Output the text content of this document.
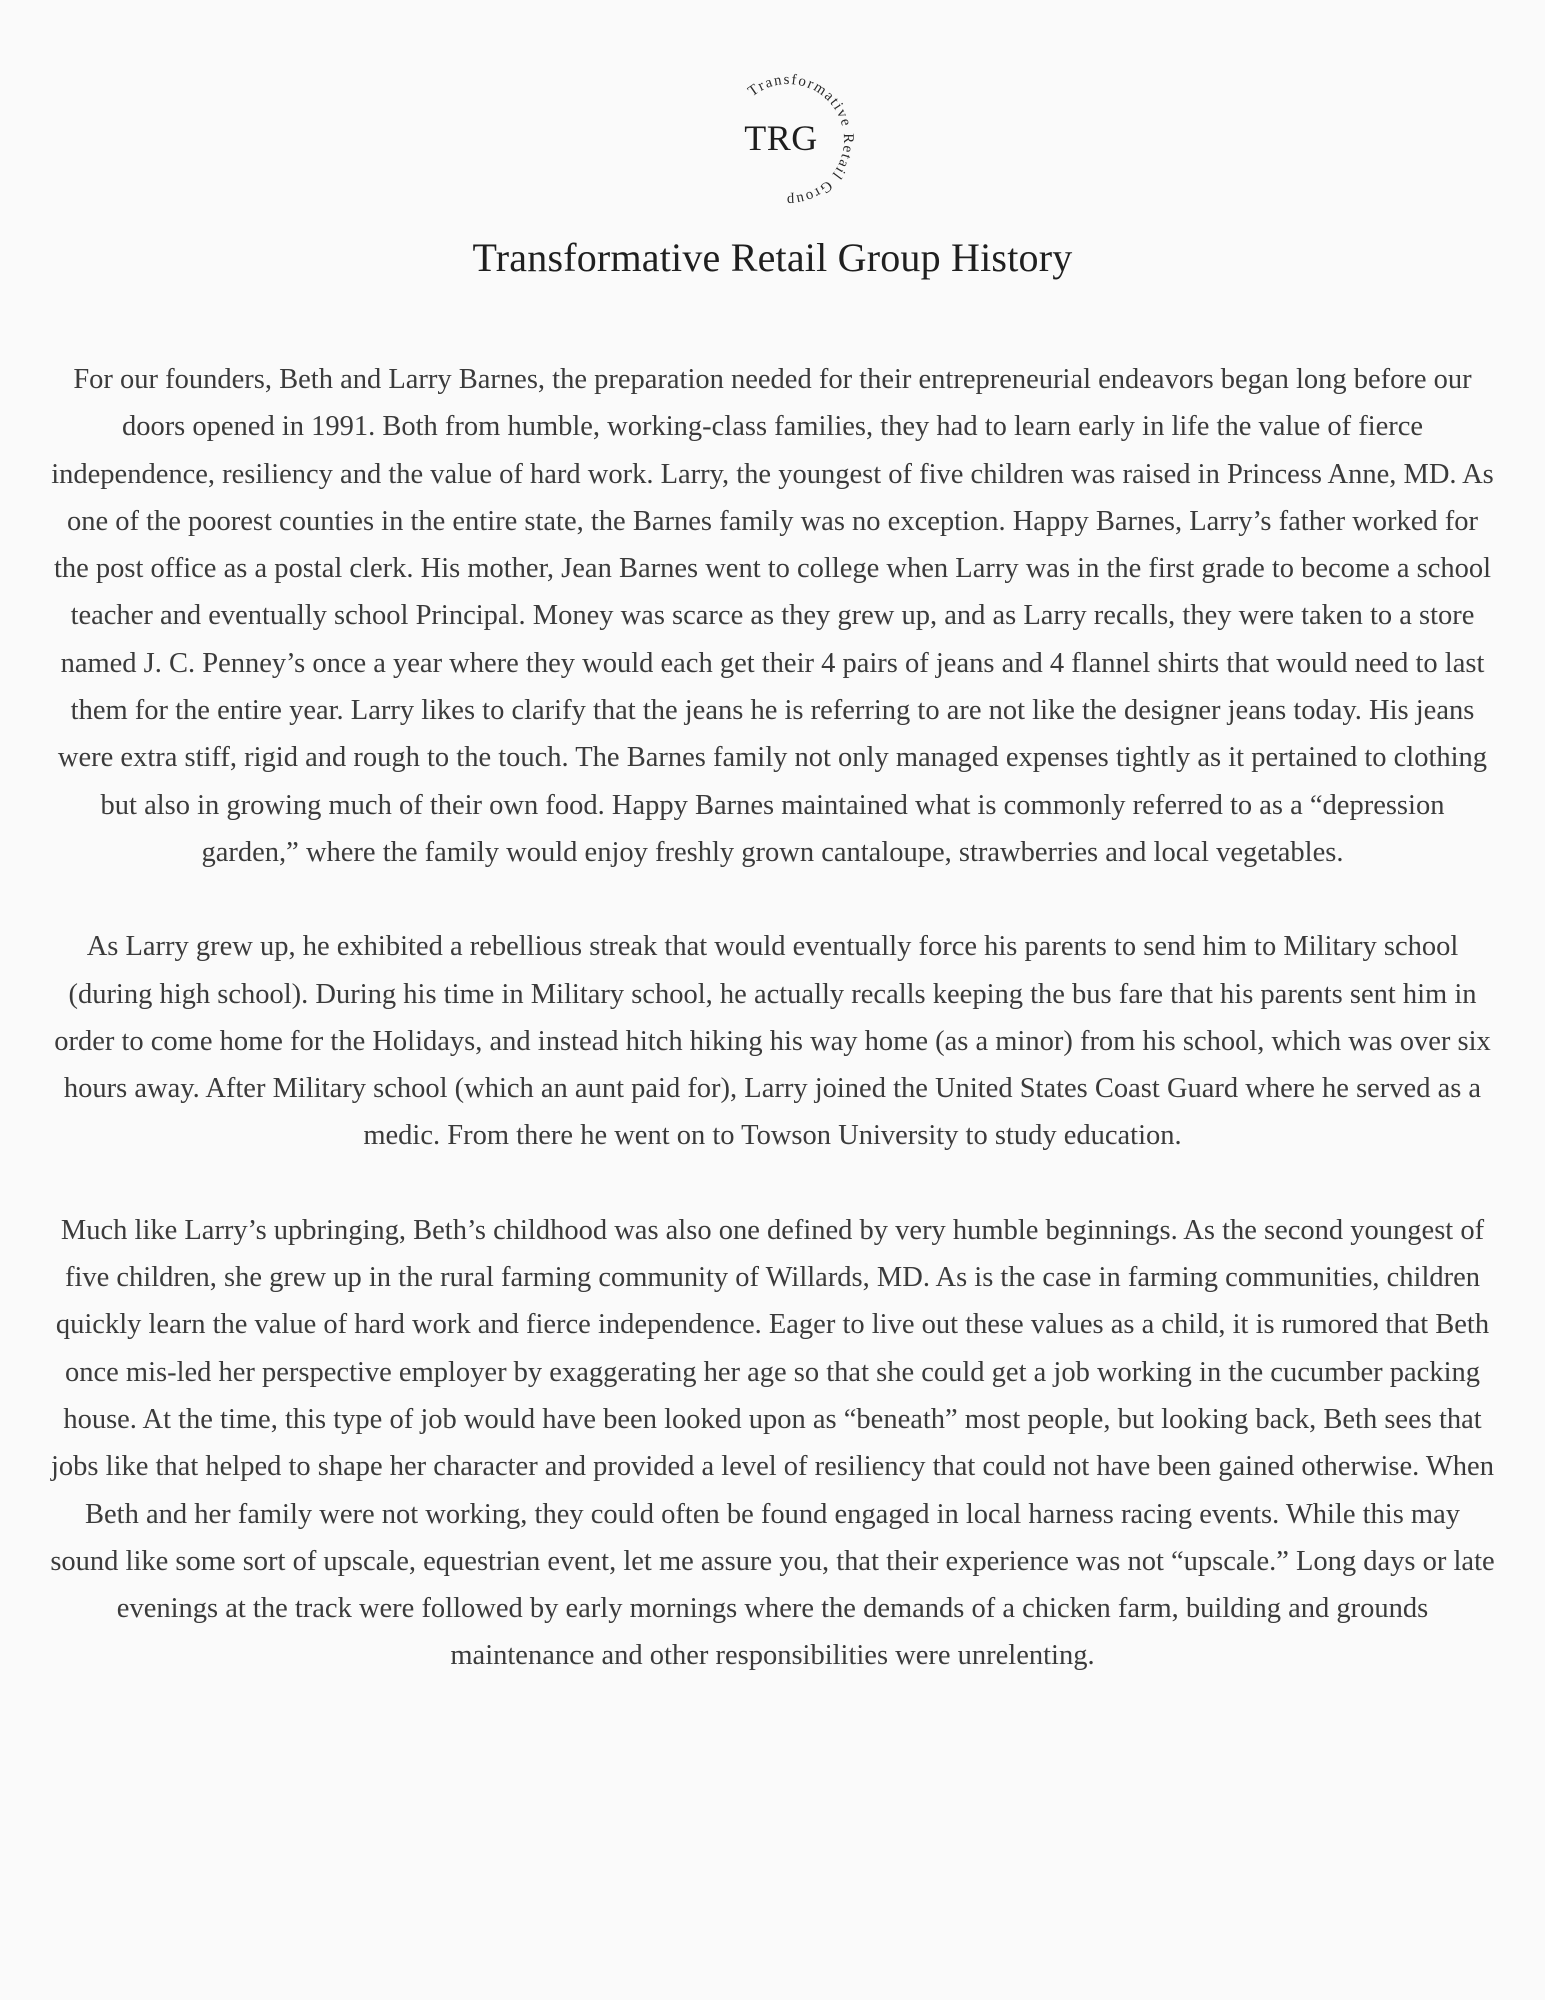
TRG
Transformative Retail Group
Transformative Retail Group History

For our founders, Beth and Larry Barnes, the preparation needed for their entrepreneurial endeavors began long before our doors opened in 1991. Both from humble, working-class families, they had to learn early in life the value of fierce independence, resiliency and the value of hard work. Larry, the youngest of five children was raised in Princess Anne, MD. As one of the poorest counties in the entire state, the Barnes family was no exception. Happy Barnes, Larry’s father worked for the post office as a postal clerk. His mother, Jean Barnes went to college when Larry was in the first grade to become a school teacher and eventually school Principal. Money was scarce as they grew up, and as Larry recalls, they were taken to a store named J. C. Penney’s once a year where they would each get their 4 pairs of jeans and 4 flannel shirts that would need to last them for the entire year. Larry likes to clarify that the jeans he is referring to are not like the designer jeans today. His jeans were extra stiff, rigid and rough to the touch. The Barnes family not only managed expenses tightly as it pertained to clothing but also in growing much of their own food. Happy Barnes maintained what is commonly referred to as a “depression garden,” where the family would enjoy freshly grown cantaloupe, strawberries and local vegetables.

As Larry grew up, he exhibited a rebellious streak that would eventually force his parents to send him to Military school (during high school). During his time in Military school, he actually recalls keeping the bus fare that his parents sent him in order to come home for the Holidays, and instead hitch hiking his way home (as a minor) from his school, which was over six hours away. After Military school (which an aunt paid for), Larry joined the United States Coast Guard where he served as a medic. From there he went on to Towson University to study education.

Much like Larry’s upbringing, Beth’s childhood was also one defined by very humble beginnings. As the second youngest of five children, she grew up in the rural farming community of Willards, MD. As is the case in farming communities, children quickly learn the value of hard work and fierce independence. Eager to live out these values as a child, it is rumored that Beth once mis-led her perspective employer by exaggerating her age so that she could get a job working in the cucumber packing house. At the time, this type of job would have been looked upon as “beneath” most people, but looking back, Beth sees that jobs like that helped to shape her character and provided a level of resiliency that could not have been gained otherwise. When Beth and her family were not working, they could often be found engaged in local harness racing events. While this may sound like some sort of upscale, equestrian event, let me assure you, that their experience was not “upscale.” Long days or late evenings at the track were followed by early mornings where the demands of a chicken farm, building and grounds maintenance and other responsibilities were unrelenting.
